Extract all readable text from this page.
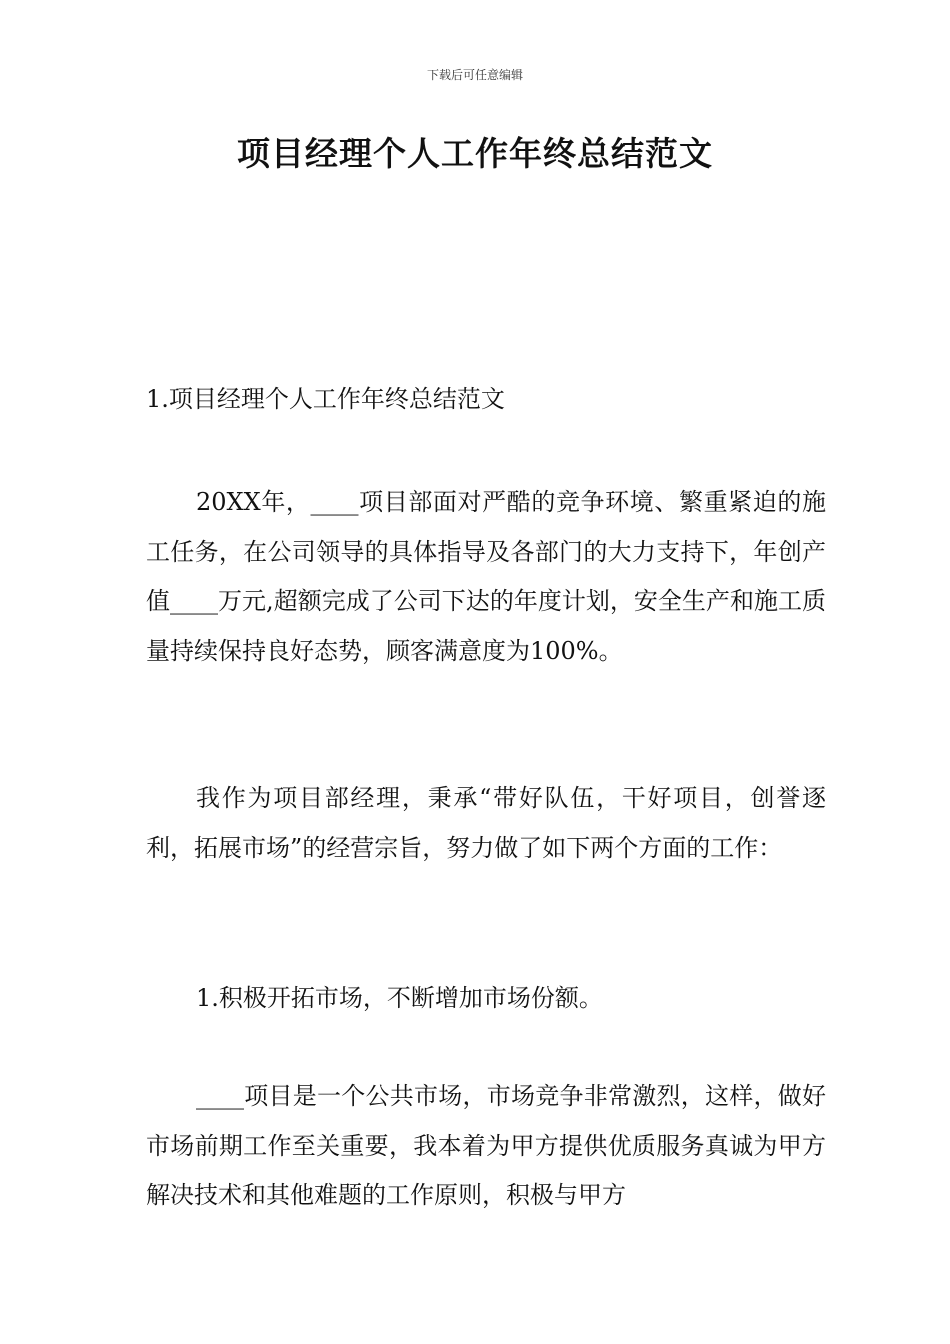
下载后可任意编辑
项目经理个人工作年终总结范文
1.项目经理个人工作年终总结范文
20XX年，____项目部面对严酷的竞争环境、繁重紧迫的施工任务，在公司领导的具体指导及各部门的大力支持下，年创产值____万元,超额完成了公司下达的年度计划，安全生产和施工质量持续保持良好态势，顾客满意度为100%。
我作为项目部经理，秉承“带好队伍，干好项目，创誉逐利，拓展市场”的经营宗旨，努力做了如下两个方面的工作：
1.积极开拓市场，不断增加市场份额。
____项目是一个公共市场，市场竞争非常激烈，这样，做好市场前期工作至关重要，我本着为甲方提供优质服务真诚为甲方解决技术和其他难题的工作原则，积极与甲方
